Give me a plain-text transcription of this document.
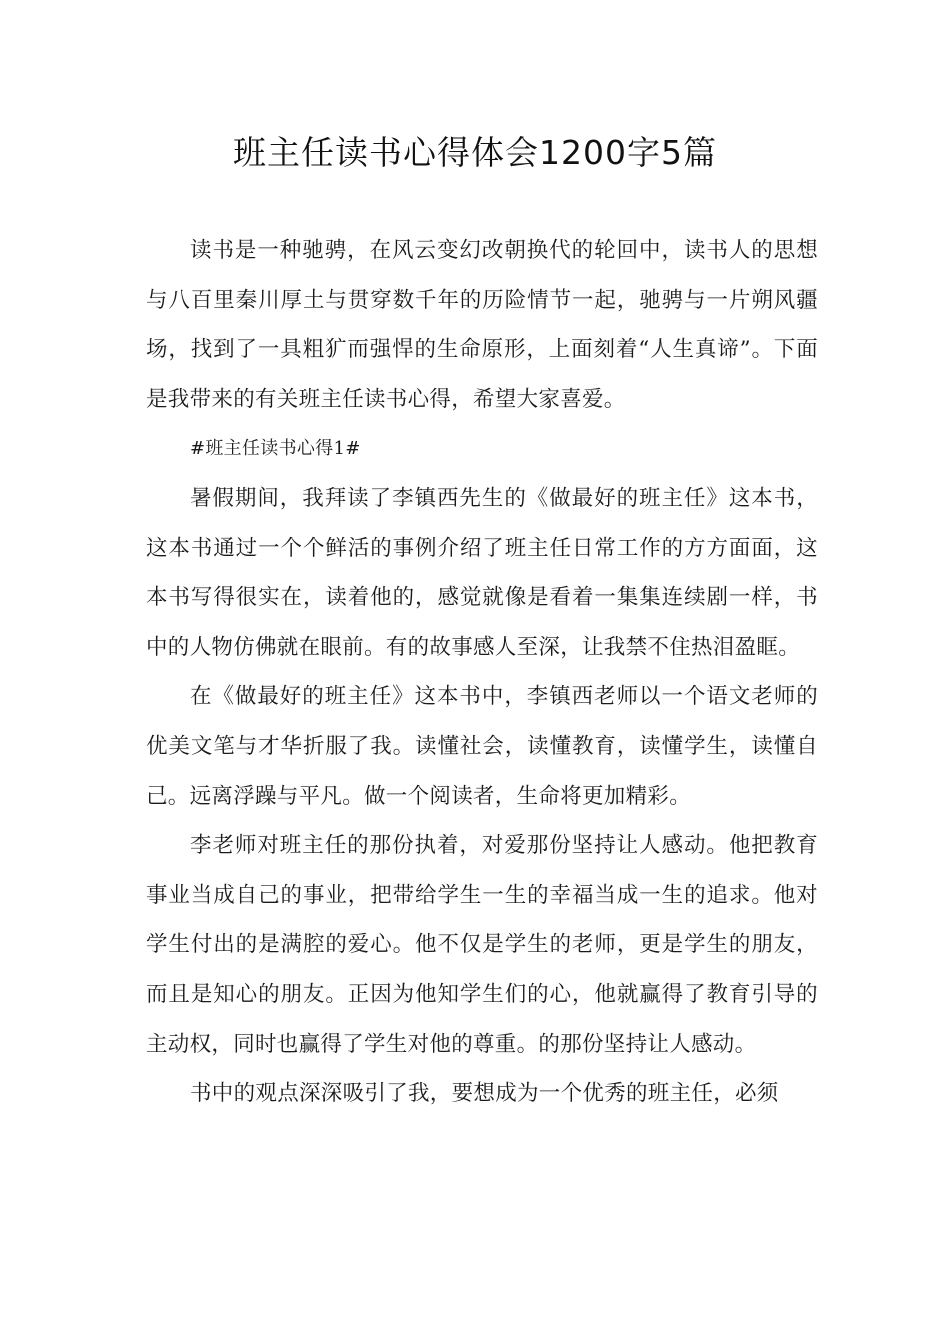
班主任读书心得体会1200字5篇

读书是一种驰骋，在风云变幻改朝换代的轮回中，读书人的思想与八百里秦川厚土与贯穿数千年的历险情节一起，驰骋与一片朔风疆场，找到了一具粗犷而强悍的生命原形，上面刻着“人生真谛”。下面是我带来的有关班主任读书心得，希望大家喜爱。

#班主任读书心得1#

暑假期间，我拜读了李镇西先生的《做最好的班主任》这本书，这本书通过一个个鲜活的事例介绍了班主任日常工作的方方面面，这本书写得很实在，读着他的，感觉就像是看着一集集连续剧一样，书中的人物仿佛就在眼前。有的故事感人至深，让我禁不住热泪盈眶。

在《做最好的班主任》这本书中，李镇西老师以一个语文老师的优美文笔与才华折服了我。读懂社会，读懂教育，读懂学生，读懂自己。远离浮躁与平凡。做一个阅读者，生命将更加精彩。

李老师对班主任的那份执着，对爱那份坚持让人感动。他把教育事业当成自己的事业，把带给学生一生的幸福当成一生的追求。他对学生付出的是满腔的爱心。他不仅是学生的老师，更是学生的朋友，而且是知心的朋友。正因为他知学生们的心，他就赢得了教育引导的主动权，同时也赢得了学生对他的尊重。的那份坚持让人感动。

书中的观点深深吸引了我，要想成为一个优秀的班主任，必须
